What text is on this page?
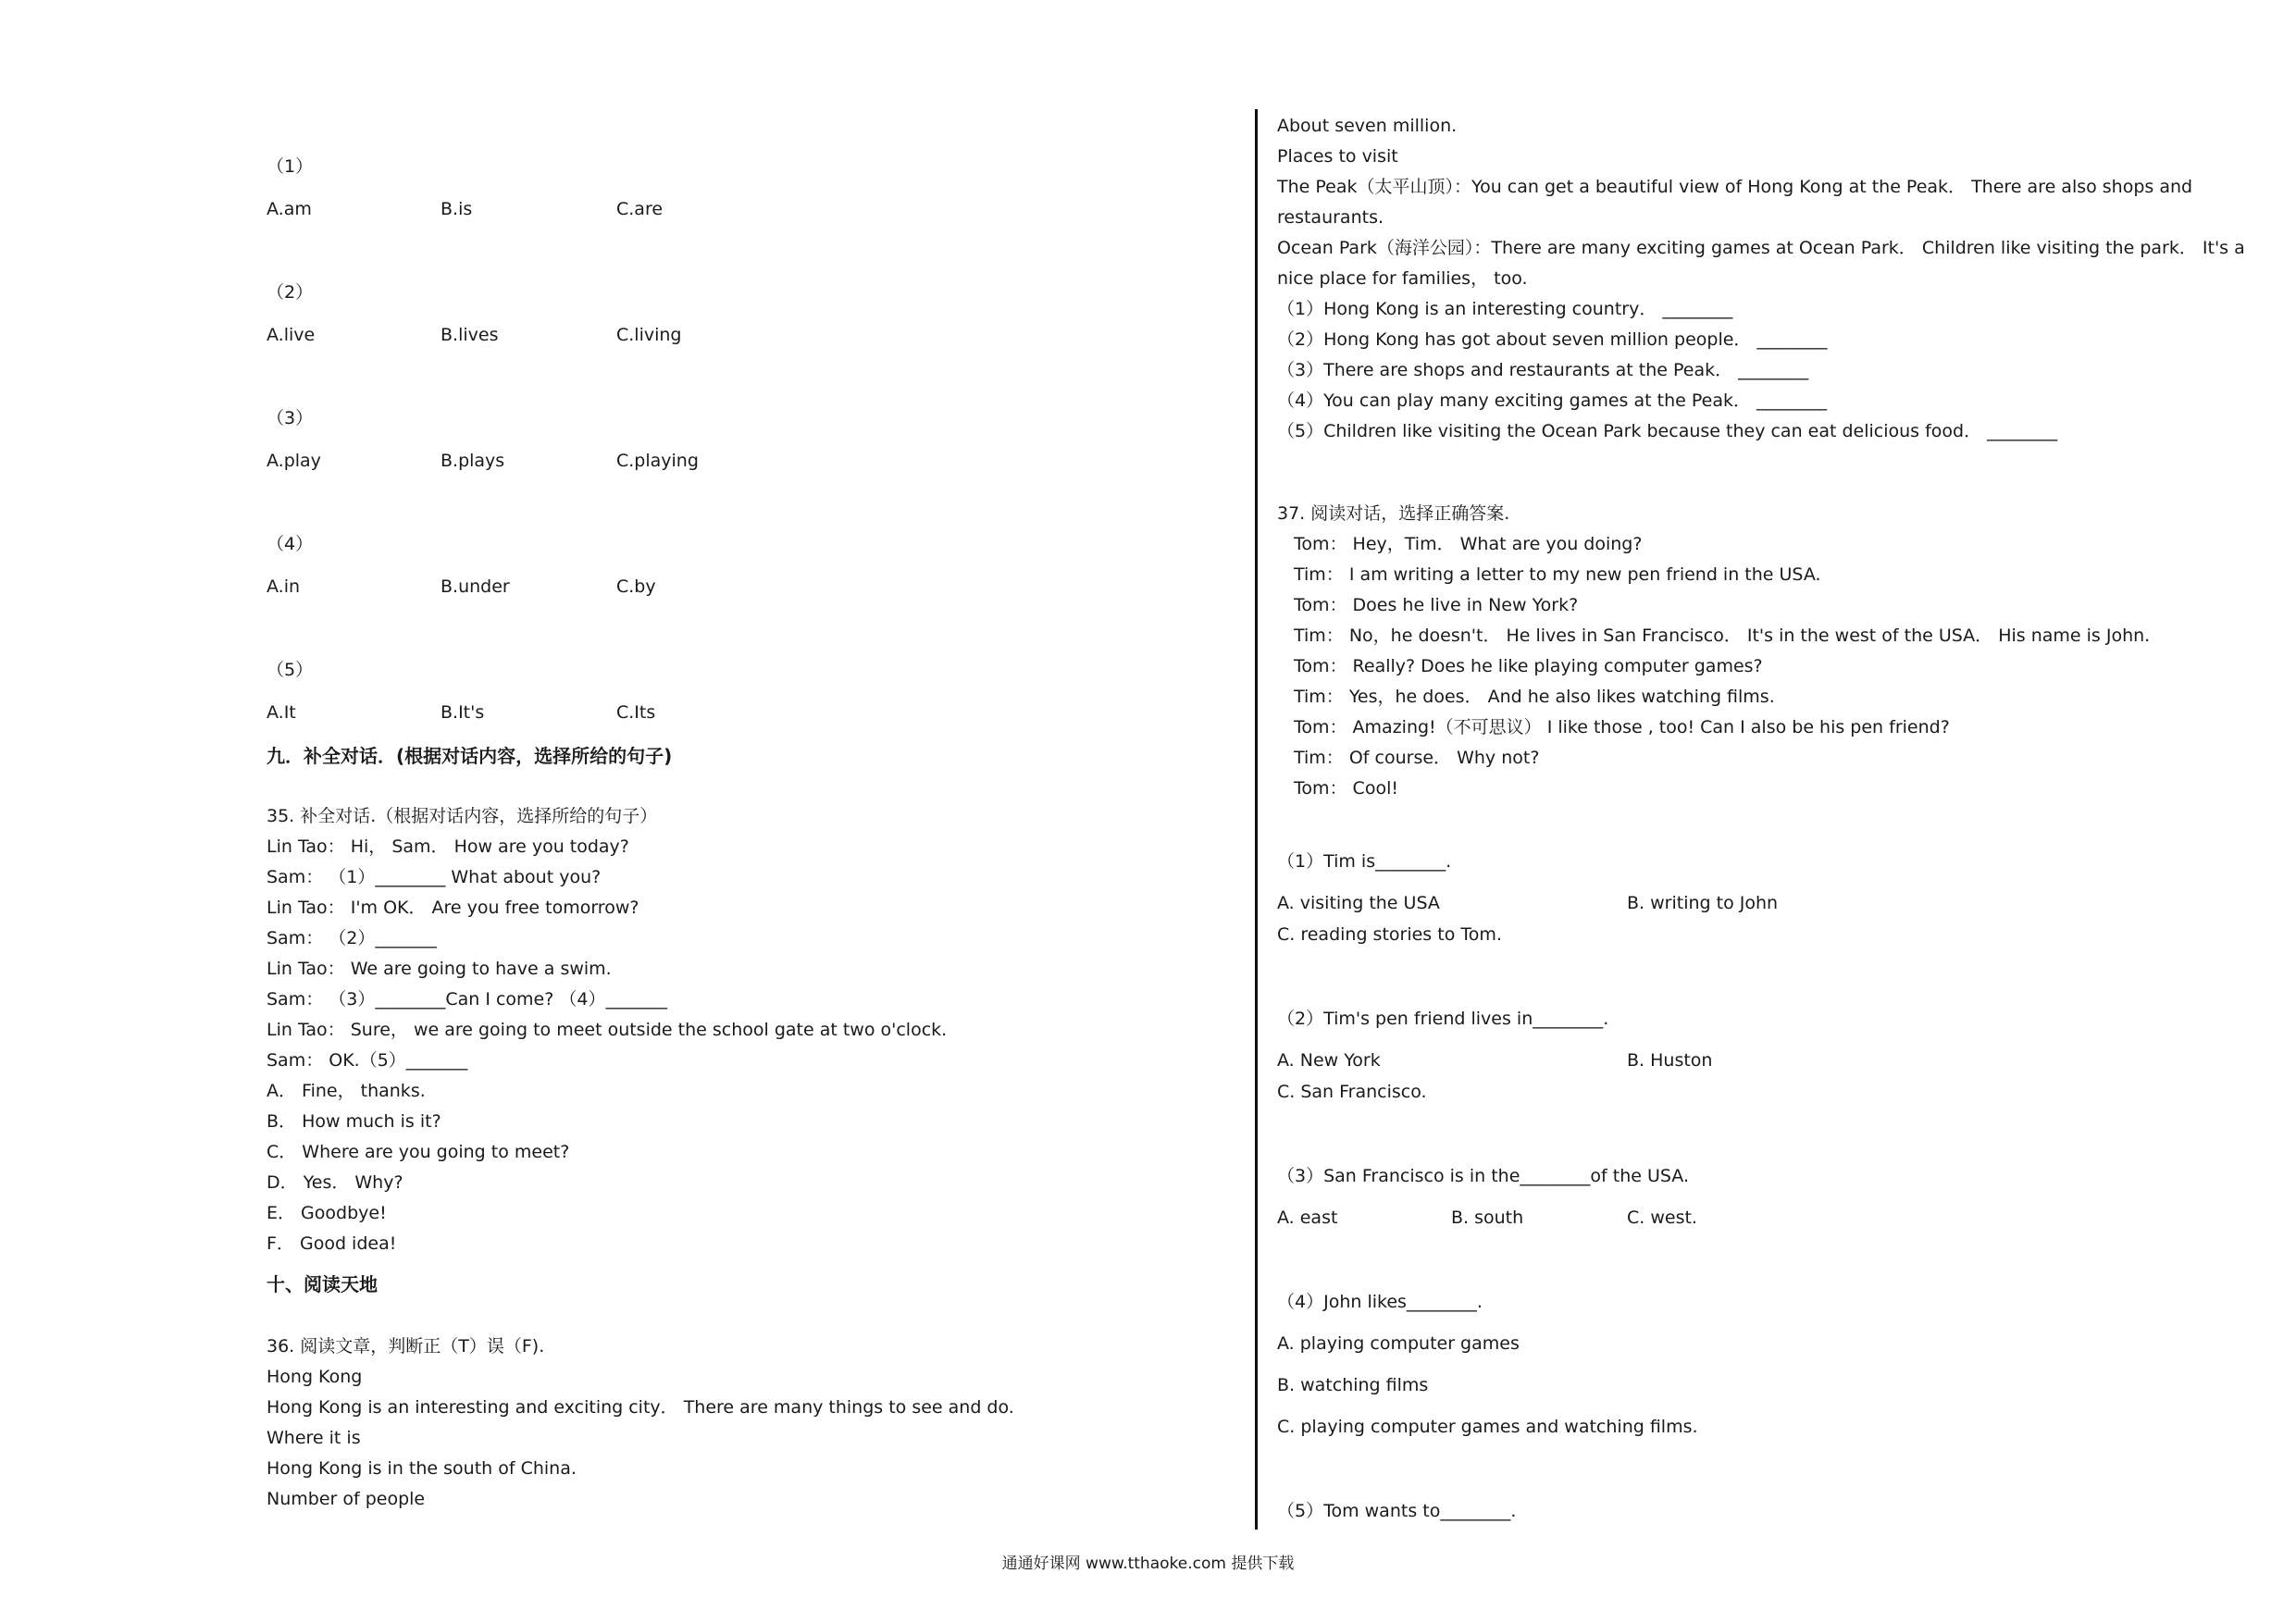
（1）
A.am	B.is	C.are
（2）
A.live	B.lives	C.living
（3）
A.play	B.plays	C.playing
（4）
A.in	B.under	C.by
（5）
A.It	B.It's	C.Its
九．补全对话．(根据对话内容，选择所给的句子)
35. 补全对话.（根据对话内容，选择所给的句子）
Lin Tao： Hi， Sam． How are you today?
Sam： （1）________ What about you?
Lin Tao： I'm OK． Are you free tomorrow?
Sam： （2）_______
Lin Tao： We are going to have a swim.
Sam： （3）________Can I come? （4）_______
Lin Tao： Sure， we are going to meet outside the school gate at two o'clock.
Sam： OK.（5）_______
A． Fine， thanks.
B． How much is it?
C． Where are you going to meet?
D． Yes． Why?
E． Goodbye!
F． Good idea!
十、阅读天地
36. 阅读文章，判断正（T）误（F).
Hong Kong
Hong Kong is an interesting and exciting city． There are many things to see and do.
Where it is
Hong Kong is in the south of China.
Number of people
About seven million.
Places to visit
The Peak（太平山顶）：You can get a beautiful view of Hong Kong at the Peak． There are also shops and
restaurants.
Ocean Park（海洋公园）：There are many exciting games at Ocean Park． Children like visiting the park． It's a
nice place for families， too.
（1）Hong Kong is an interesting country． ________
（2）Hong Kong has got about seven million people． ________
（3）There are shops and restaurants at the Peak． ________
（4）You can play many exciting games at the Peak． ________
（5）Children like visiting the Ocean Park because they can eat delicious food． ________
37. 阅读对话，选择正确答案.
Tom： Hey，Tim． What are you doing?
Tim： I am writing a letter to my new pen friend in the USA.
Tom： Does he live in New York?
Tim： No，he doesn't． He lives in San Francisco． It's in the west of the USA． His name is John.
Tom： Really? Does he like playing computer games?
Tim： Yes，he does． And he also likes watching films.
Tom： Amazing!（不可思议） I like those , too! Can I also be his pen friend?
Tim： Of course． Why not?
Tom： Cool!
（1）Tim is________.
A. visiting the USA	B. writing to John
C. reading stories to Tom.
（2）Tim's pen friend lives in________.
A. New York	B. Huston
C. San Francisco.
（3）San Francisco is in the________of the USA.
A. east	B. south	C. west.
（4）John likes________.
A. playing computer games
B. watching films
C. playing computer games and watching films.
（5）Tom wants to________.
通通好课网 www.tthaoke.com 提供下载
